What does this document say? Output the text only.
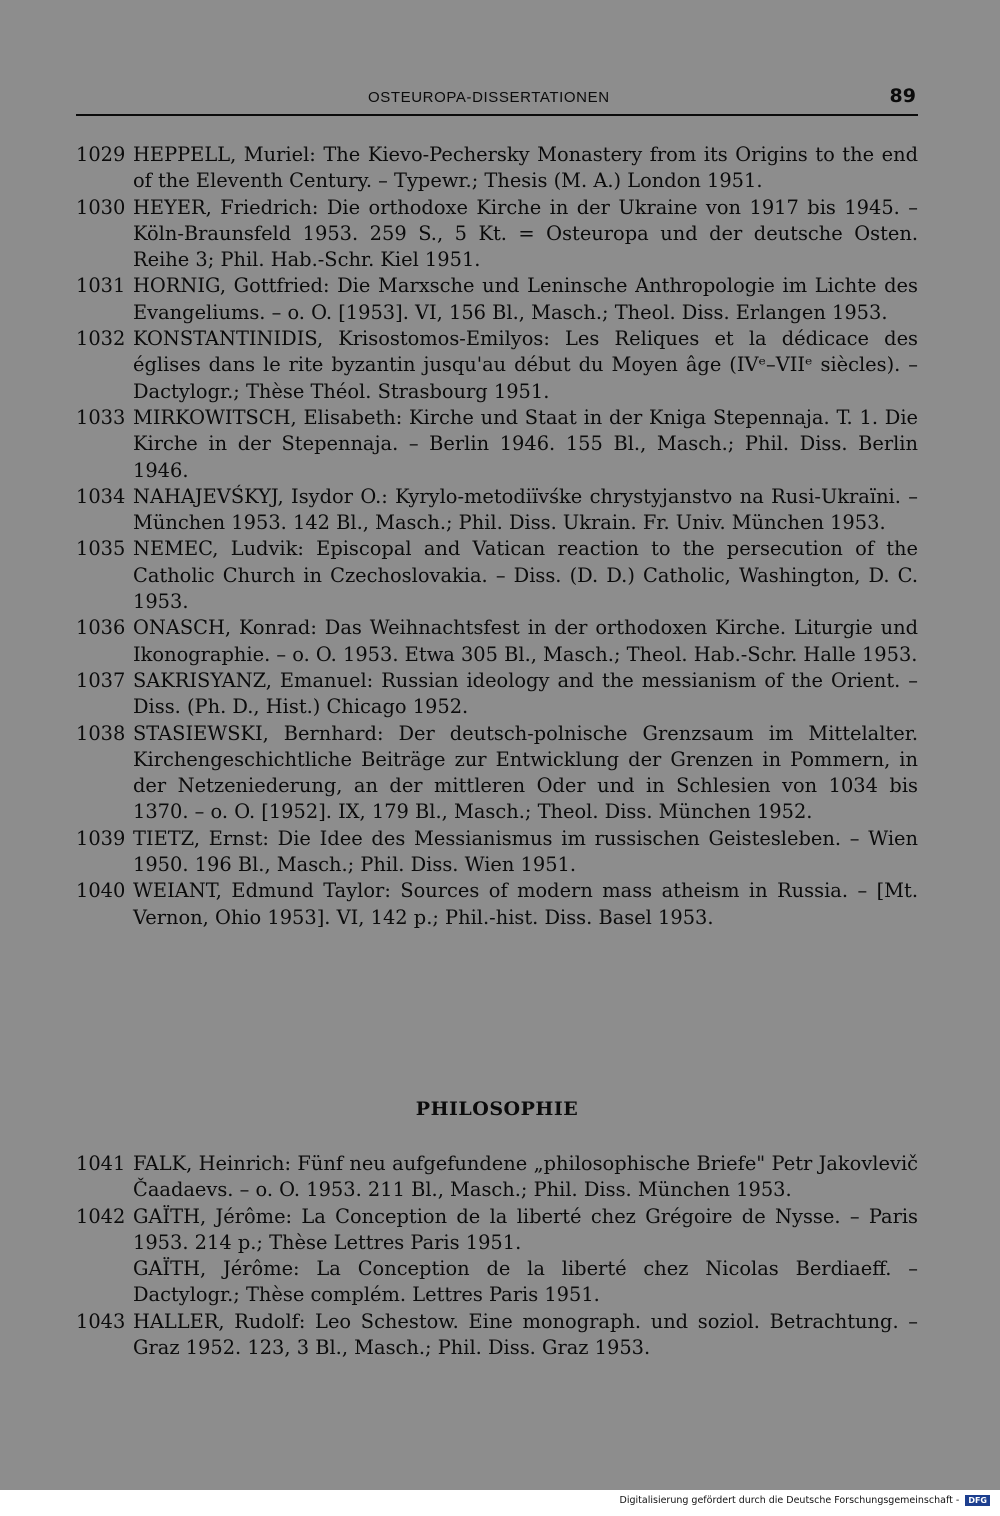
OSTEUROPA-DISSERTATIONEN	89

1029 HEPPELL, Muriel: The Kievo-Pechersky Monastery from its Origins to the end of the Eleventh Century. – Typewr.; Thesis (M. A.) London 1951.

1030 HEYER, Friedrich: Die orthodoxe Kirche in der Ukraine von 1917 bis 1945. – Köln-Braunsfeld 1953. 259 S., 5 Kt. = Osteuropa und der deutsche Osten. Reihe 3; Phil. Hab.-Schr. Kiel 1951.

1031 HORNIG, Gottfried: Die Marxsche und Leninsche Anthropologie im Lichte des Evangeliums. – o. O. [1953]. VI, 156 Bl., Masch.; Theol. Diss. Erlangen 1953.

1032 KONSTANTINIDIS, Krisostomos-Emilyos: Les Reliques et la dédicace des églises dans le rite byzantin jusqu'au début du Moyen âge (IVᵉ–VIIᵉ siècles). – Dactylogr.; Thèse Théol. Strasbourg 1951.

1033 MIRKOWITSCH, Elisabeth: Kirche und Staat in der Kniga Stepennaja. T. 1. Die Kirche in der Stepennaja. – Berlin 1946. 155 Bl., Masch.; Phil. Diss. Berlin 1946.

1034 NAHAJEVŚKYJ, Isydor O.: Kyrylo-metodiïvśke chrystyjanstvo na Rusi-Ukraïni. – München 1953. 142 Bl., Masch.; Phil. Diss. Ukrain. Fr. Univ. München 1953.

1035 NEMEC, Ludvik: Episcopal and Vatican reaction to the persecution of the Catholic Church in Czechoslovakia. – Diss. (D. D.) Catholic, Washington, D. C. 1953.

1036 ONASCH, Konrad: Das Weihnachtsfest in der orthodoxen Kirche. Liturgie und Ikonographie. – o. O. 1953. Etwa 305 Bl., Masch.; Theol. Hab.-Schr. Halle 1953.

1037 SAKRISYANZ, Emanuel: Russian ideology and the messianism of the Orient. – Diss. (Ph. D., Hist.) Chicago 1952.

1038 STASIEWSKI, Bernhard: Der deutsch-polnische Grenzsaum im Mittelalter. Kirchengeschichtliche Beiträge zur Entwicklung der Grenzen in Pommern, in der Netzeniederung, an der mittleren Oder und in Schlesien von 1034 bis 1370. – o. O. [1952]. IX, 179 Bl., Masch.; Theol. Diss. München 1952.

1039 TIETZ, Ernst: Die Idee des Messianismus im russischen Geistesleben. – Wien 1950. 196 Bl., Masch.; Phil. Diss. Wien 1951.

1040 WEIANT, Edmund Taylor: Sources of modern mass atheism in Russia. – [Mt. Vernon, Ohio 1953]. VI, 142 p.; Phil.-hist. Diss. Basel 1953.

PHILOSOPHIE

1041 FALK, Heinrich: Fünf neu aufgefundene „philosophische Briefe" Petr Jakovlevič Čaadaevs. – o. O. 1953. 211 Bl., Masch.; Phil. Diss. München 1953.

1042 GAÏTH, Jérôme: La Conception de la liberté chez Grégoire de Nysse. – Paris 1953. 214 p.; Thèse Lettres Paris 1951.
GAÏTH, Jérôme: La Conception de la liberté chez Nicolas Berdiaeff. – Dactylogr.; Thèse complém. Lettres Paris 1951.

1043 HALLER, Rudolf: Leo Schestow. Eine monograph. und soziol. Betrachtung. – Graz 1952. 123, 3 Bl., Masch.; Phil. Diss. Graz 1953.

Digitalisierung gefördert durch die Deutsche Forschungsgemeinschaft - DFG
